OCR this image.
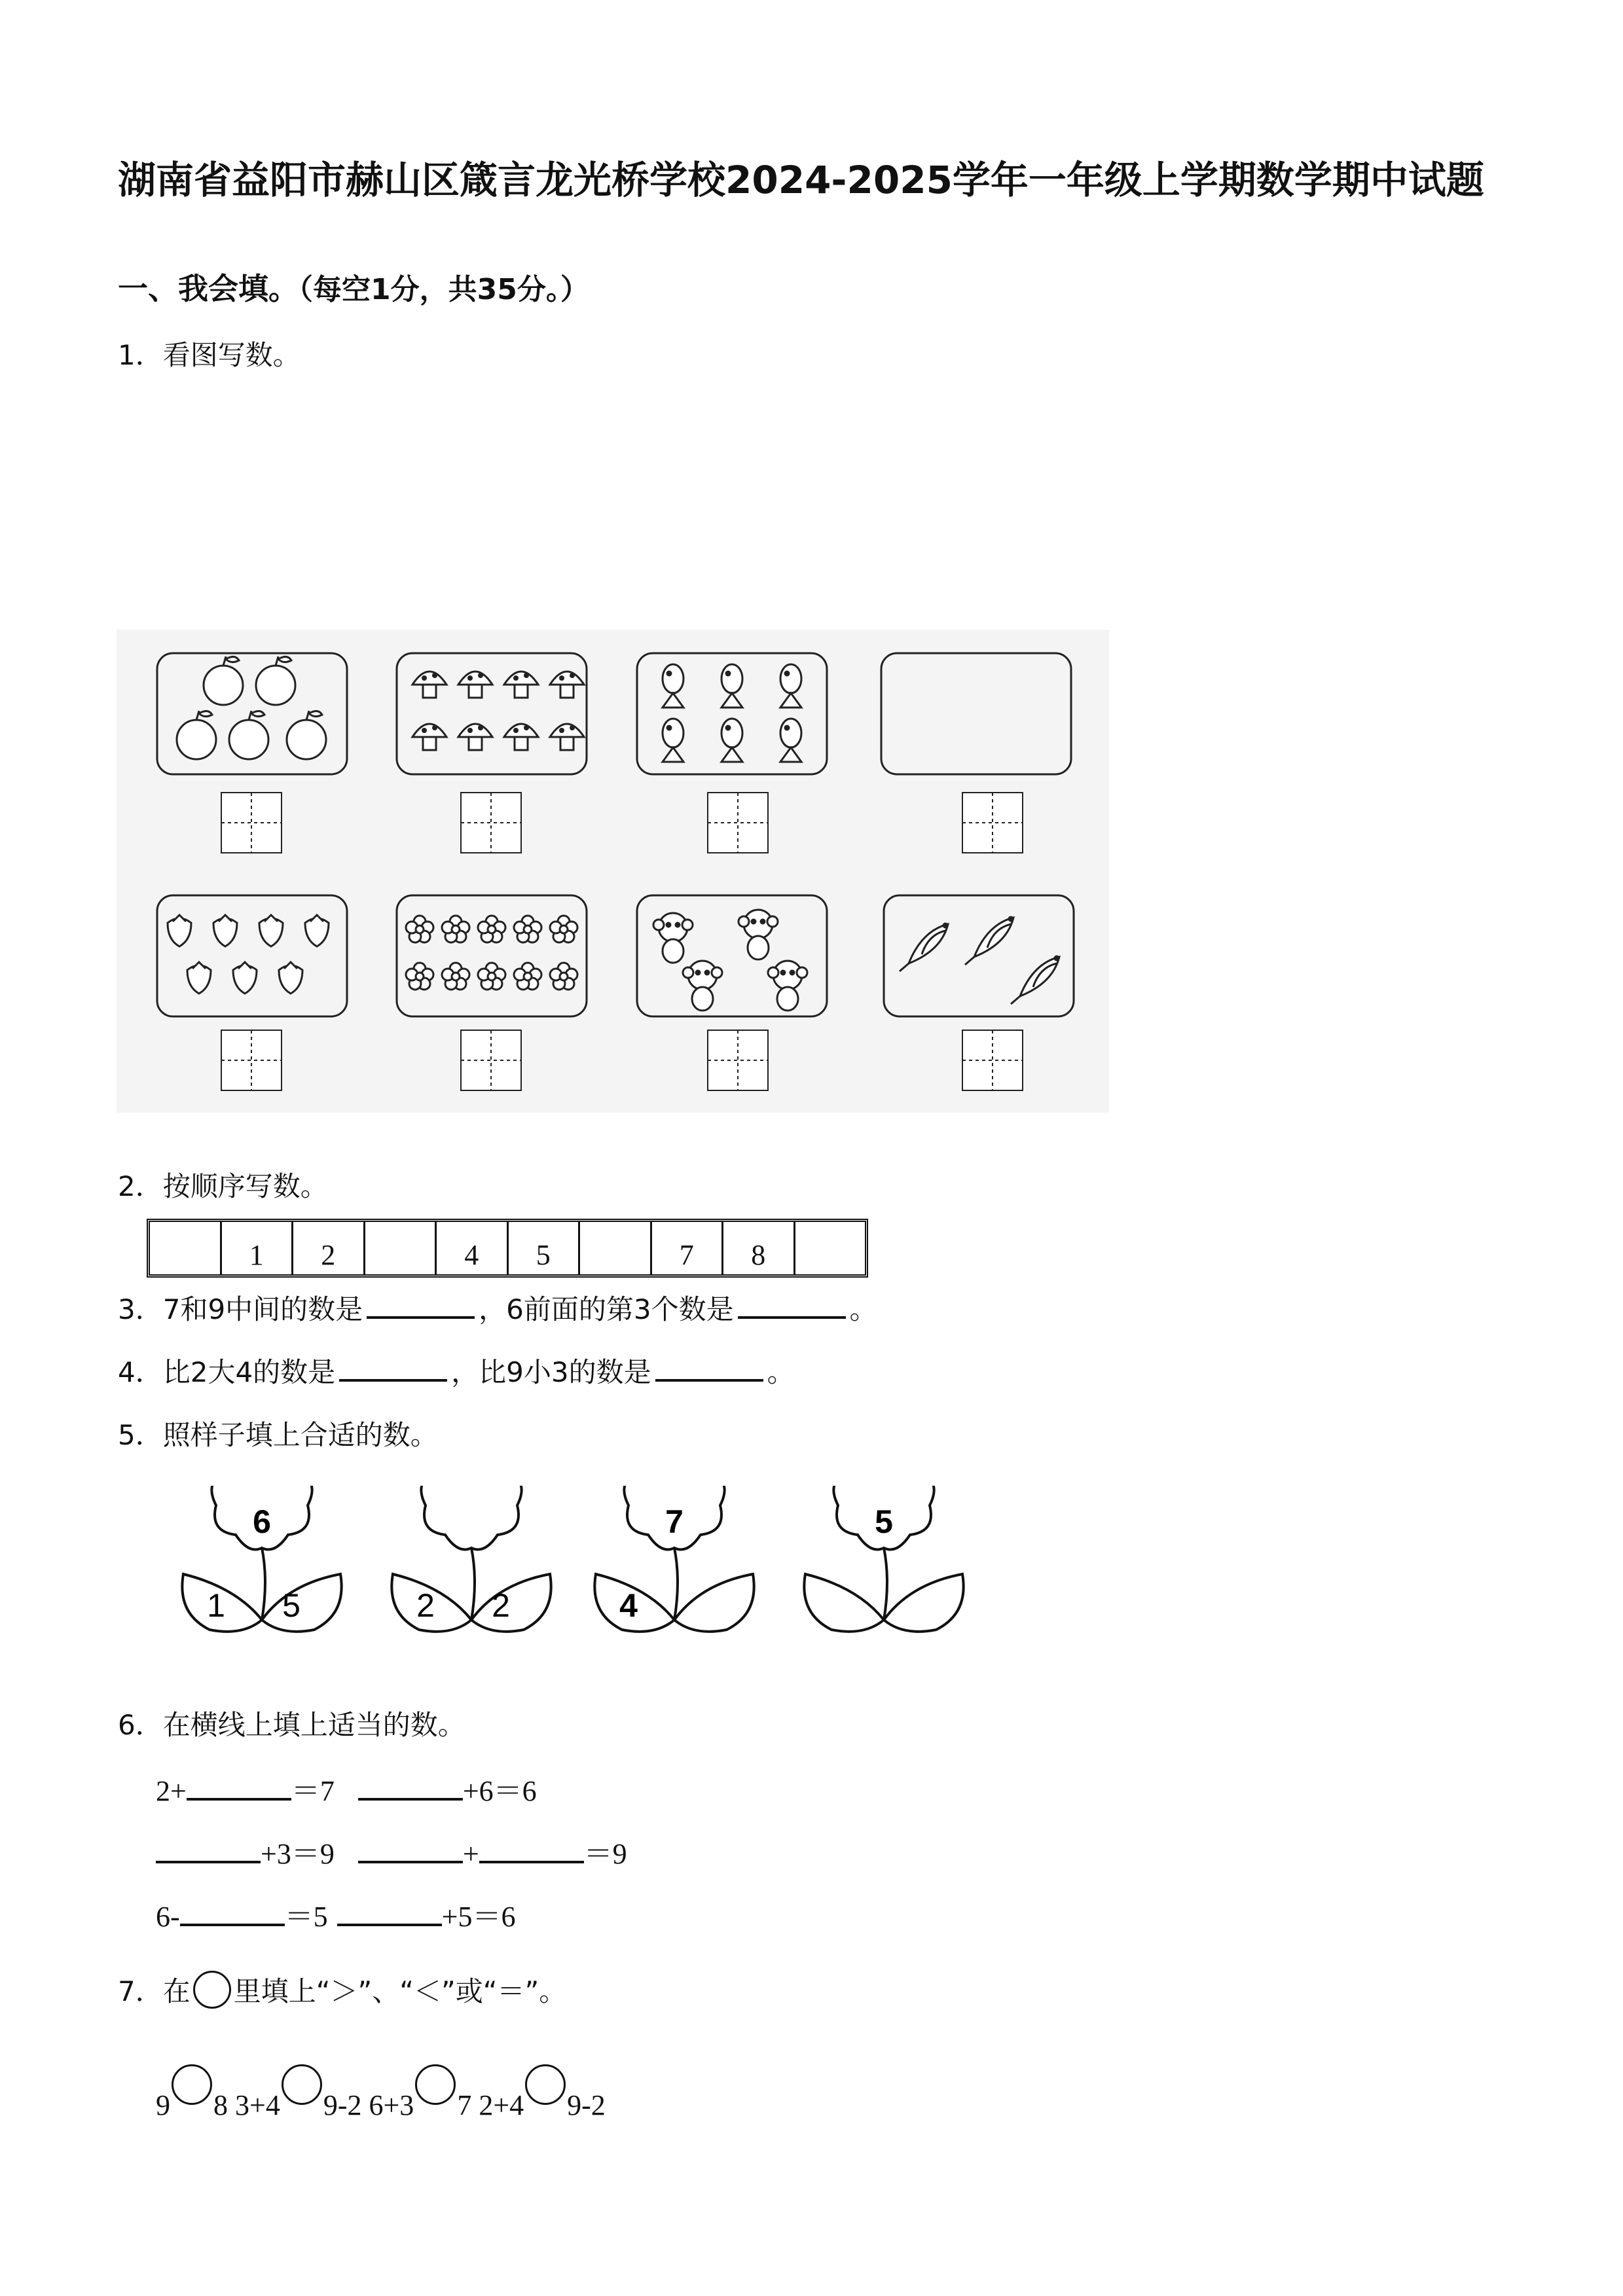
湖南省益阳市赫山区箴言龙光桥学校2024-2025学年一年级上学期数学期中试题
一、我会填。（每空1分，共35分。）
1．看图写数。
2．按顺序写数。
1	2	4	5	7	8
3．7和9中间的数是	，6前面的第3个数是	。
4．比2大4的数是	，比9小3的数是	。
5．照样子填上合适的数。
6
1 5	2 2
7
4
5
6．在横线上填上适当的数。
2+	＝7	+6＝6
+3＝9	+	＝9
6-	＝5	+5＝6
7．在 里填上“＞”、“＜”或“＝”。
9 8 3+4 9-2 6+3 7 2+4 9-2
